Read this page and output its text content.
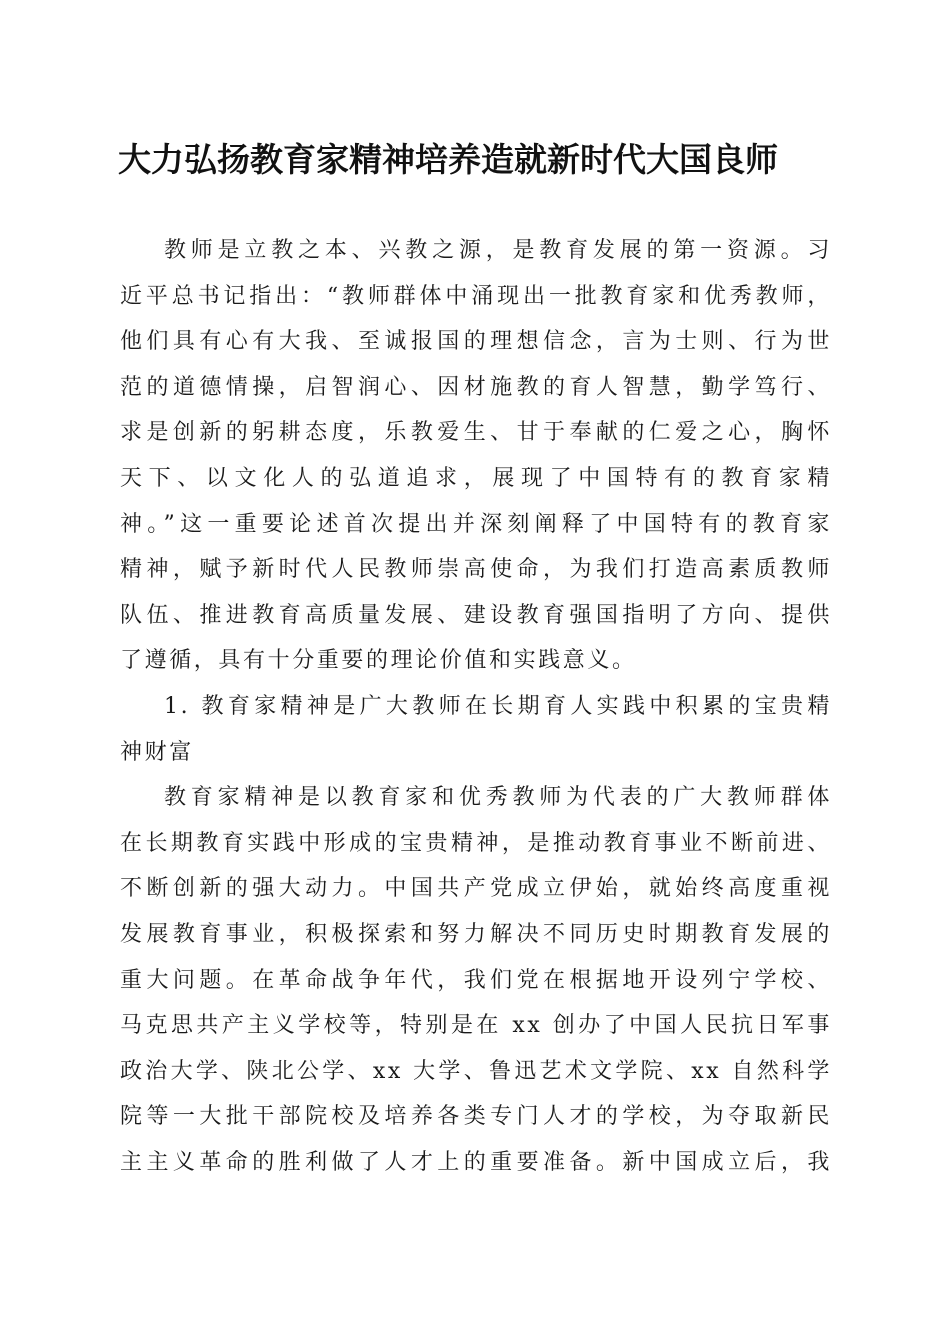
大力弘扬教育家精神培养造就新时代大国良师

教师是立教之本、兴教之源，是教育发展的第一资源。习
近平总书记指出：“教师群体中涌现出一批教育家和优秀教师，
他们具有心有大我、至诚报国的理想信念，言为士则、行为世
范的道德情操，启智润心、因材施教的育人智慧，勤学笃行、
求是创新的躬耕态度，乐教爱生、甘于奉献的仁爱之心，胸怀
天下、以文化人的弘道追求，展现了中国特有的教育家精
神。”这一重要论述首次提出并深刻阐释了中国特有的教育家
精神，赋予新时代人民教师崇高使命，为我们打造高素质教师
队伍、推进教育高质量发展、建设教育强国指明了方向、提供
了遵循，具有十分重要的理论价值和实践意义。

1. 教育家精神是广大教师在长期育人实践中积累的宝贵精
神财富

教育家精神是以教育家和优秀教师为代表的广大教师群体
在长期教育实践中形成的宝贵精神，是推动教育事业不断前进、
不断创新的强大动力。中国共产党成立伊始，就始终高度重视
发展教育事业，积极探索和努力解决不同历史时期教育发展的
重大问题。在革命战争年代，我们党在根据地开设列宁学校、
马克思共产主义学校等，特别是在 xx 创办了中国人民抗日军事
政治大学、陕北公学、xx 大学、鲁迅艺术文学院、xx 自然科学
院等一大批干部院校及培养各类专门人才的学校，为夺取新民
主主义革命的胜利做了人才上的重要准备。新中国成立后，我
